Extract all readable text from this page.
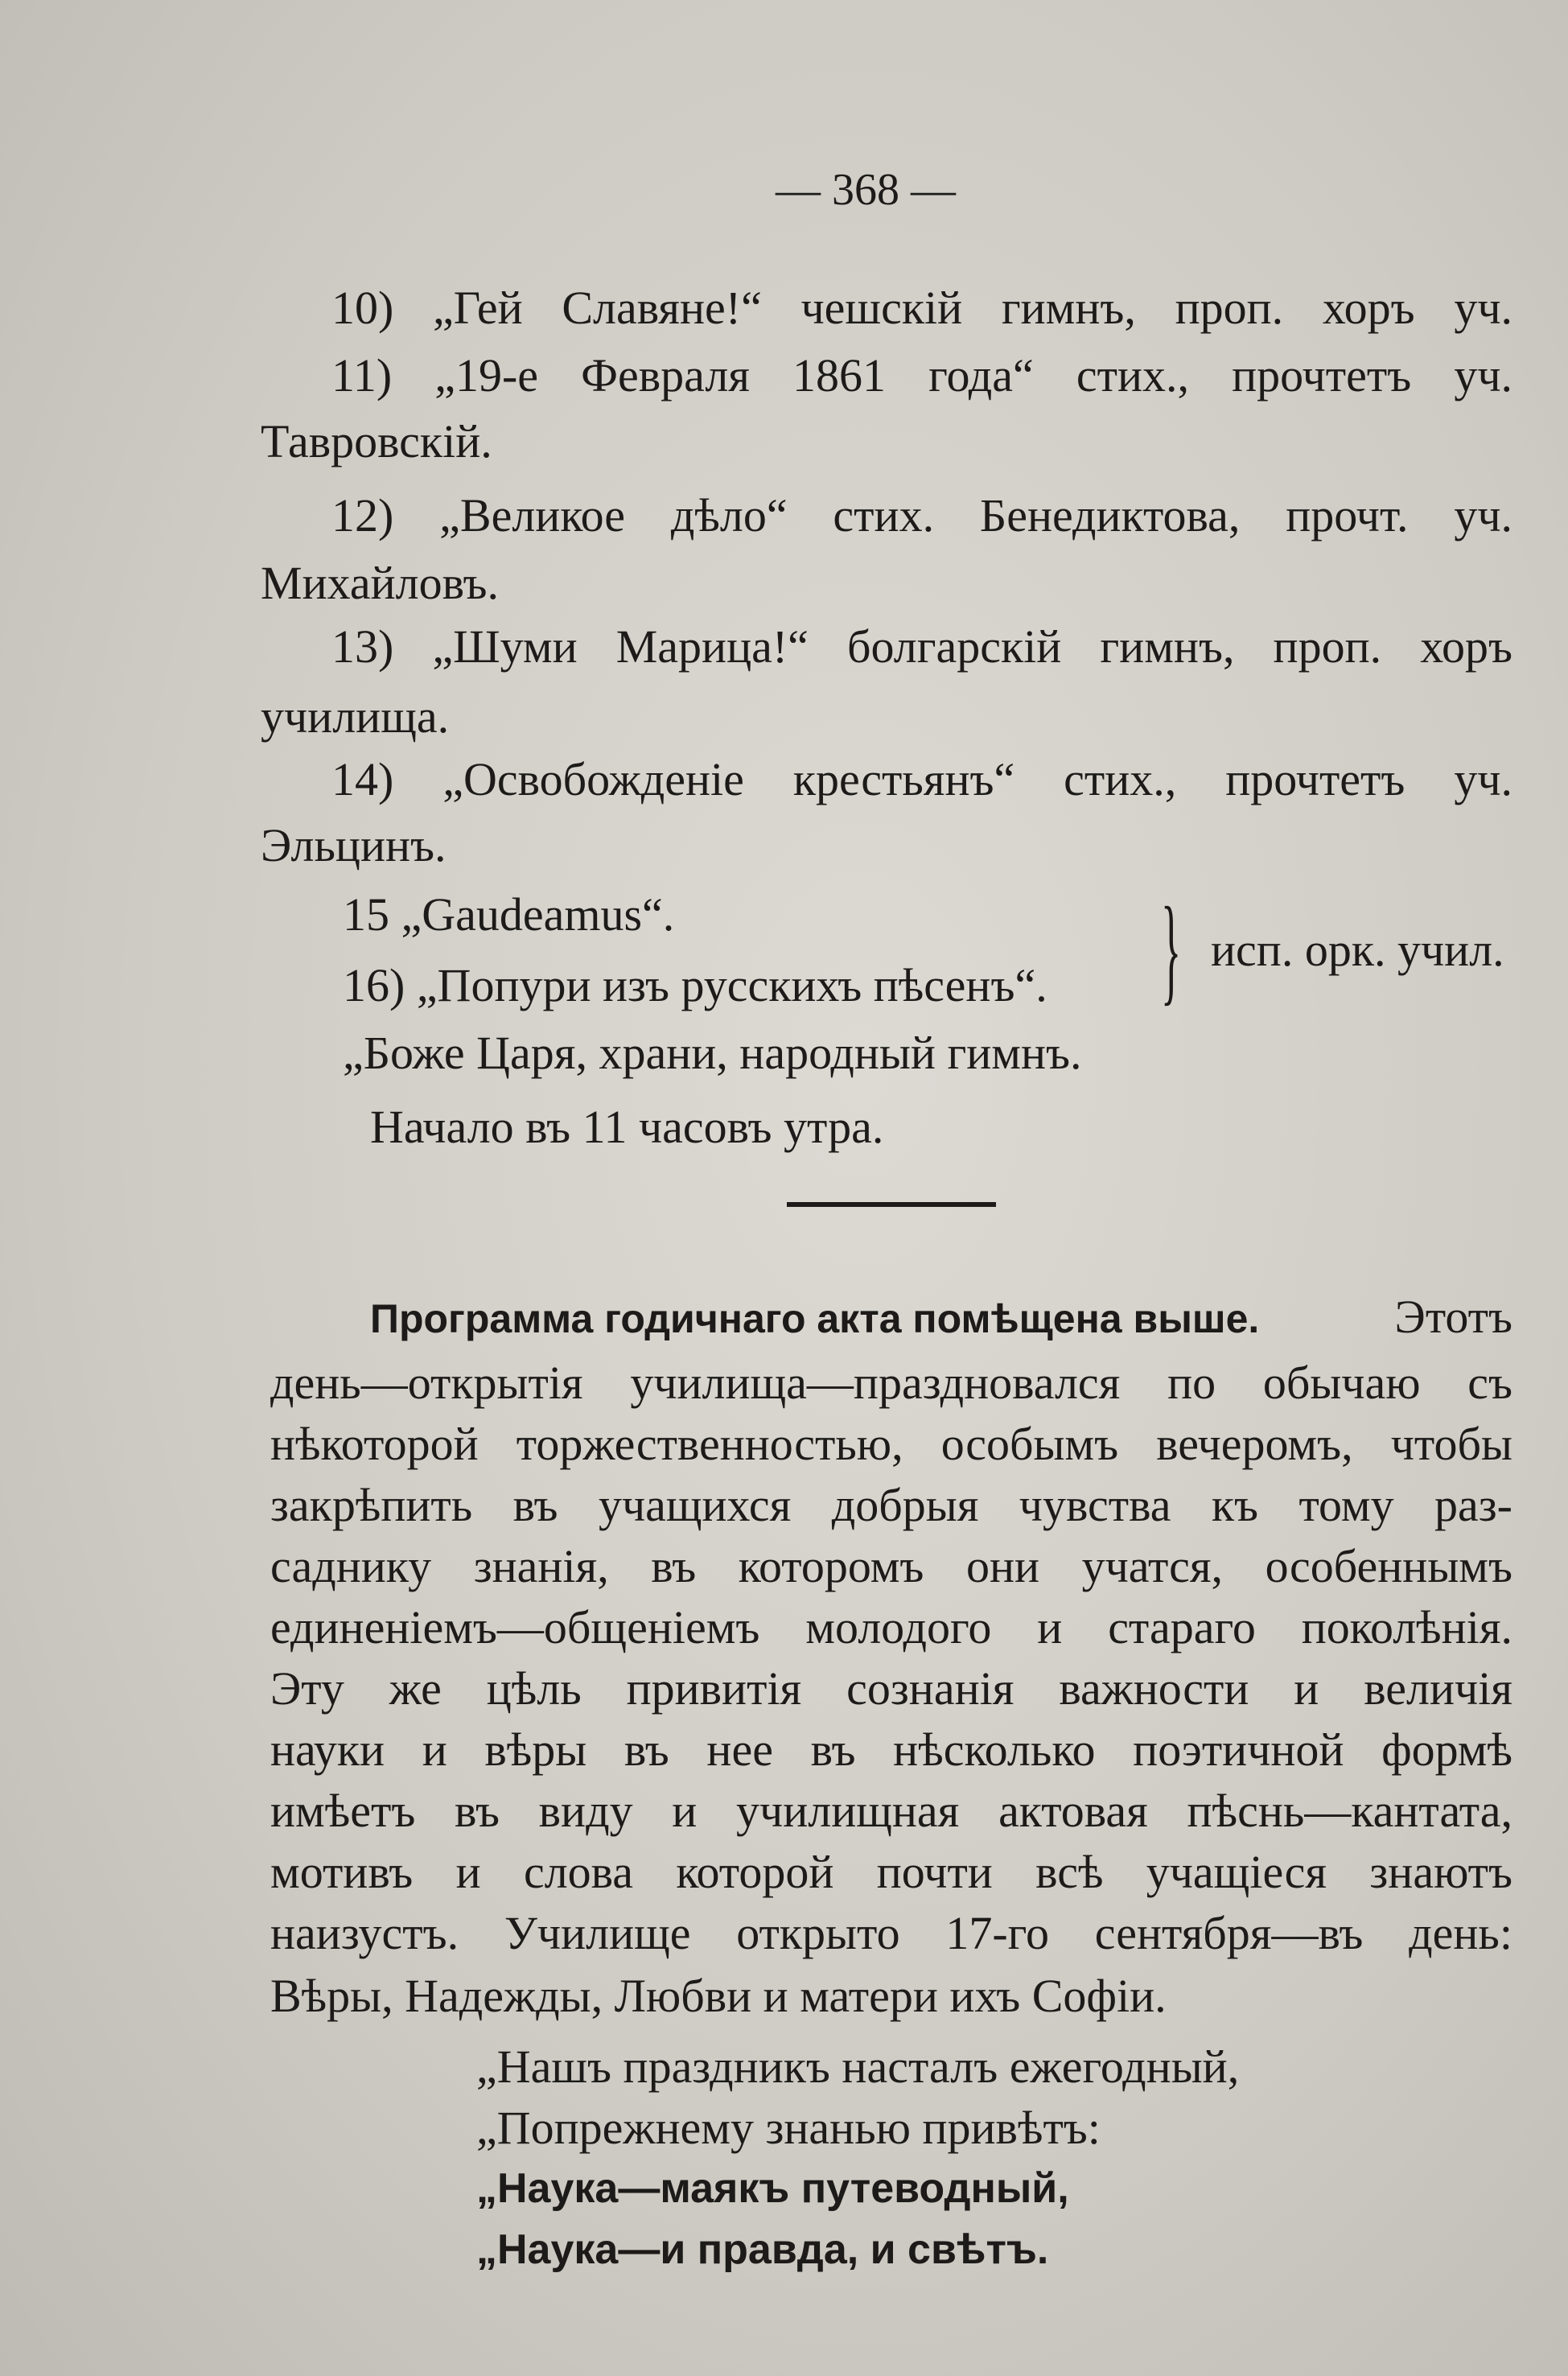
— 368 —
10) „Гей Славяне!“ чешскій гимнъ, проп. хоръ уч.
11) „19-е Февраля 1861 года“ стих., прочтетъ уч.
Тавровскій.
12) „Великое дѣло“ стих. Бенедиктова, прочт. уч.
Михайловъ.
13) „Шуми Марица!“ болгарскій гимнъ, проп. хоръ
училища.
14) „Освобожденіе крестьянъ“ стих., прочтетъ уч.
Эльцинъ.
15 „Gaudeamus“.
16) „Попури изъ русскихъ пѣсенъ“. } исп. орк. учил.
„Боже Царя, храни, народный гимнъ.
Начало въ 11 часовъ утра.
Программа годичнаго акта помѣщена выше.	Этотъ
день—открытія училища—праздновался по обычаю съ
нѣкоторой торжественностью, особымъ вечеромъ, чтобы
закрѣпить въ учащихся добрыя чувства къ тому раз-
саднику знанія, въ которомъ они учатся, особеннымъ
единеніемъ—общеніемъ молодого и стараго поколѣнія.
Эту же цѣль привитія сознанія важности и величія
науки и вѣры въ нее въ нѣсколько поэтичной формѣ
имѣетъ въ виду и училищная актовая пѣснь—кантата,
мотивъ и слова которой почти всѣ учащіеся знаютъ
наизустъ. Училище открыто 17-го сентября—въ день:
Вѣры, Надежды, Любви и матери ихъ Софіи.
„Нашъ праздникъ насталъ ежегодный,
„Попрежнему знанью привѣтъ:
„Наука—маякъ путеводный,
„Наука—и правда, и свѣтъ.
